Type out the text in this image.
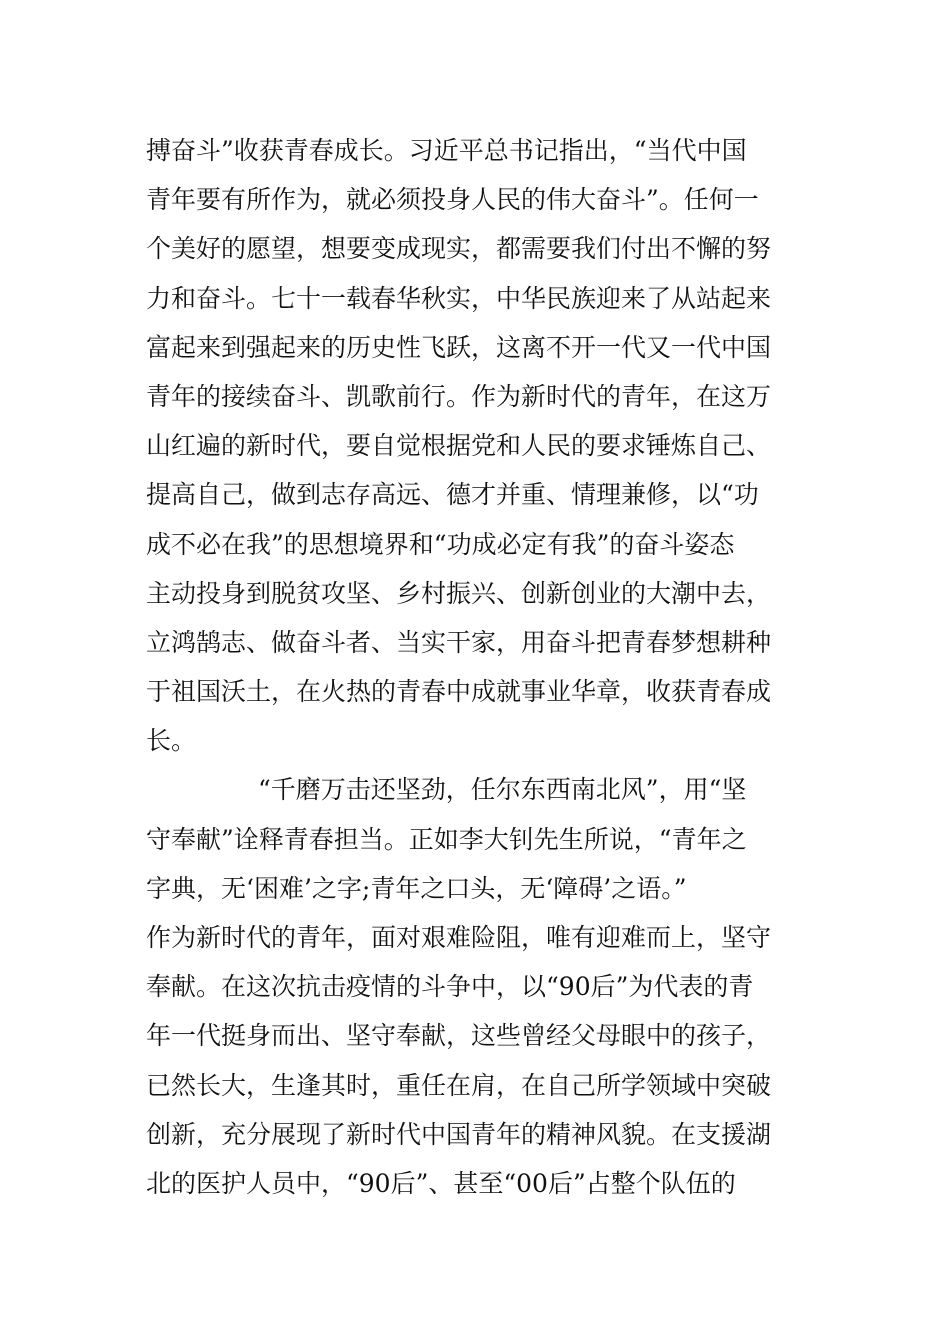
搏奋斗”收获青春成长。习近平总书记指出，“当代中国
青年要有所作为，就必须投身人民的伟大奋斗”。任何一
个美好的愿望，想要变成现实，都需要我们付出不懈的努
力和奋斗。七十一载春华秋实，中华民族迎来了从站起来
富起来到强起来的历史性飞跃，这离不开一代又一代中国
青年的接续奋斗、凯歌前行。作为新时代的青年，在这万
山红遍的新时代，要自觉根据党和人民的要求锤炼自己、
提高自己，做到志存高远、德才并重、情理兼修，以“功
成不必在我”的思想境界和“功成必定有我”的奋斗姿态
主动投身到脱贫攻坚、乡村振兴、创新创业的大潮中去，
立鸿鹄志、做奋斗者、当实干家，用奋斗把青春梦想耕种
于祖国沃土，在火热的青春中成就事业华章，收获青春成
长。
“千磨万击还坚劲，任尔东西南北风”，用“坚
守奉献”诠释青春担当。正如李大钊先生所说，“青年之
字典，无‘困难’之字;青年之口头，无‘障碍’之语。”
作为新时代的青年，面对艰难险阻，唯有迎难而上，坚守
奉献。在这次抗击疫情的斗争中，以“90后”为代表的青
年一代挺身而出、坚守奉献，这些曾经父母眼中的孩子，
已然长大，生逢其时，重任在肩，在自己所学领域中突破
创新，充分展现了新时代中国青年的精神风貌。在支援湖
北的医护人员中，“90后”、甚至“00后”占整个队伍的
